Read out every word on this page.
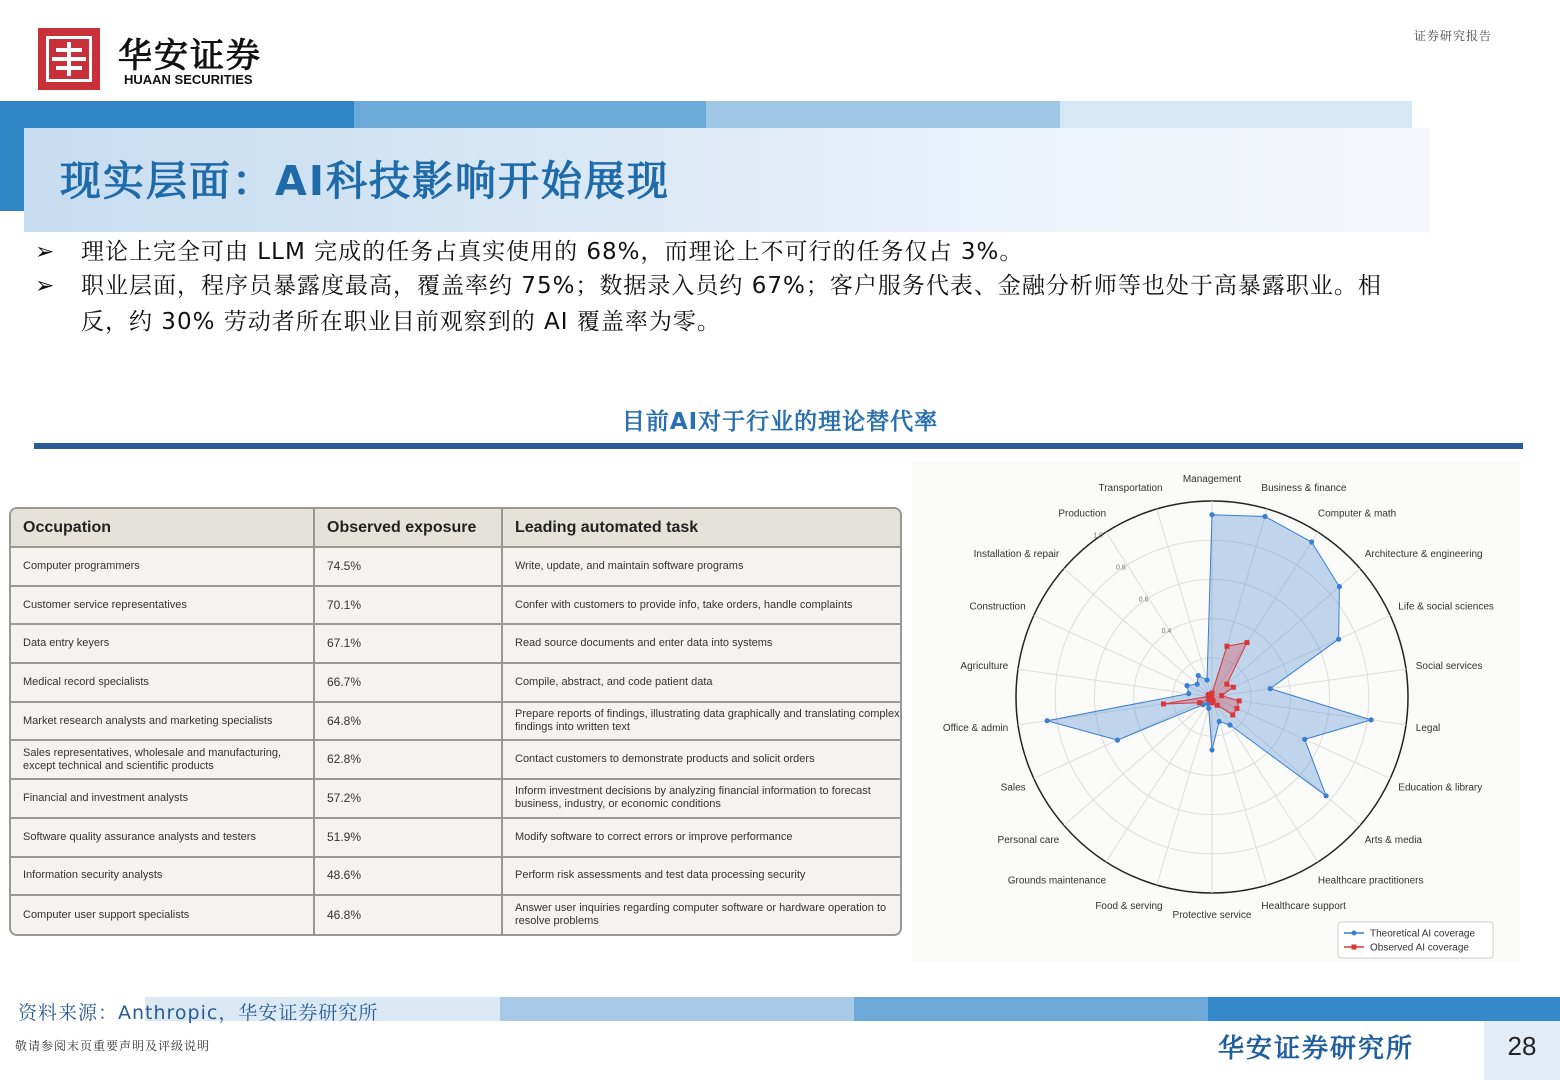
华安证券
HUAAN SECURITIES
证券研究报告
现实层面：AI科技影响开始展现
➢ 理论上完全可由 LLM 完成的任务占真实使用的 68%，而理论上不可行的任务仅占 3%。
➢ 职业层面，程序员暴露度最高，覆盖率约 75%；数据录入员约 67%；客户服务代表、金融分析师等也处于高暴露职业。相反，约 30% 劳动者所在职业目前观察到的 AI 覆盖率为零。
目前AI对于行业的理论替代率
Occupation	Observed exposure	Leading automated task
Computer programmers	74.5%	Write, update, and maintain software programs
Customer service representatives	70.1%	Confer with customers to provide info, take orders, handle complaints
Data entry keyers	67.1%	Read source documents and enter data into systems
Medical record specialists	66.7%	Compile, abstract, and code patient data
Market research analysts and marketing specialists	64.8%	Prepare reports of findings, illustrating data graphically and translating complex findings into written text
Sales representatives, wholesale and manufacturing, except technical and scientific products	62.8%	Contact customers to demonstrate products and solicit orders
Financial and investment analysts	57.2%	Inform investment decisions by analyzing financial information to forecast business, industry, or economic conditions
Software quality assurance analysts and testers	51.9%	Modify software to correct errors or improve performance
Information security analysts	48.6%	Perform risk assessments and test data processing security
Computer user support specialists	46.8%	Answer user inquiries regarding computer software or hardware operation to resolve problems
0.4
0.6
0.8
1.0
Management
Business & finance
Computer & math
Architecture & engineering
Life & social sciences
Social services
Legal
Education & library
Arts & media
Healthcare practitioners
Healthcare support
Protective service
Food & serving
Grounds maintenance
Personal care
Sales
Office & admin
Agriculture
Construction
Installation & repair
Production
Transportation
Theoretical AI coverage
Observed AI coverage
资料来源：Anthropic，华安证券研究所
敬请参阅末页重要声明及评级说明	华安证券研究所	28
